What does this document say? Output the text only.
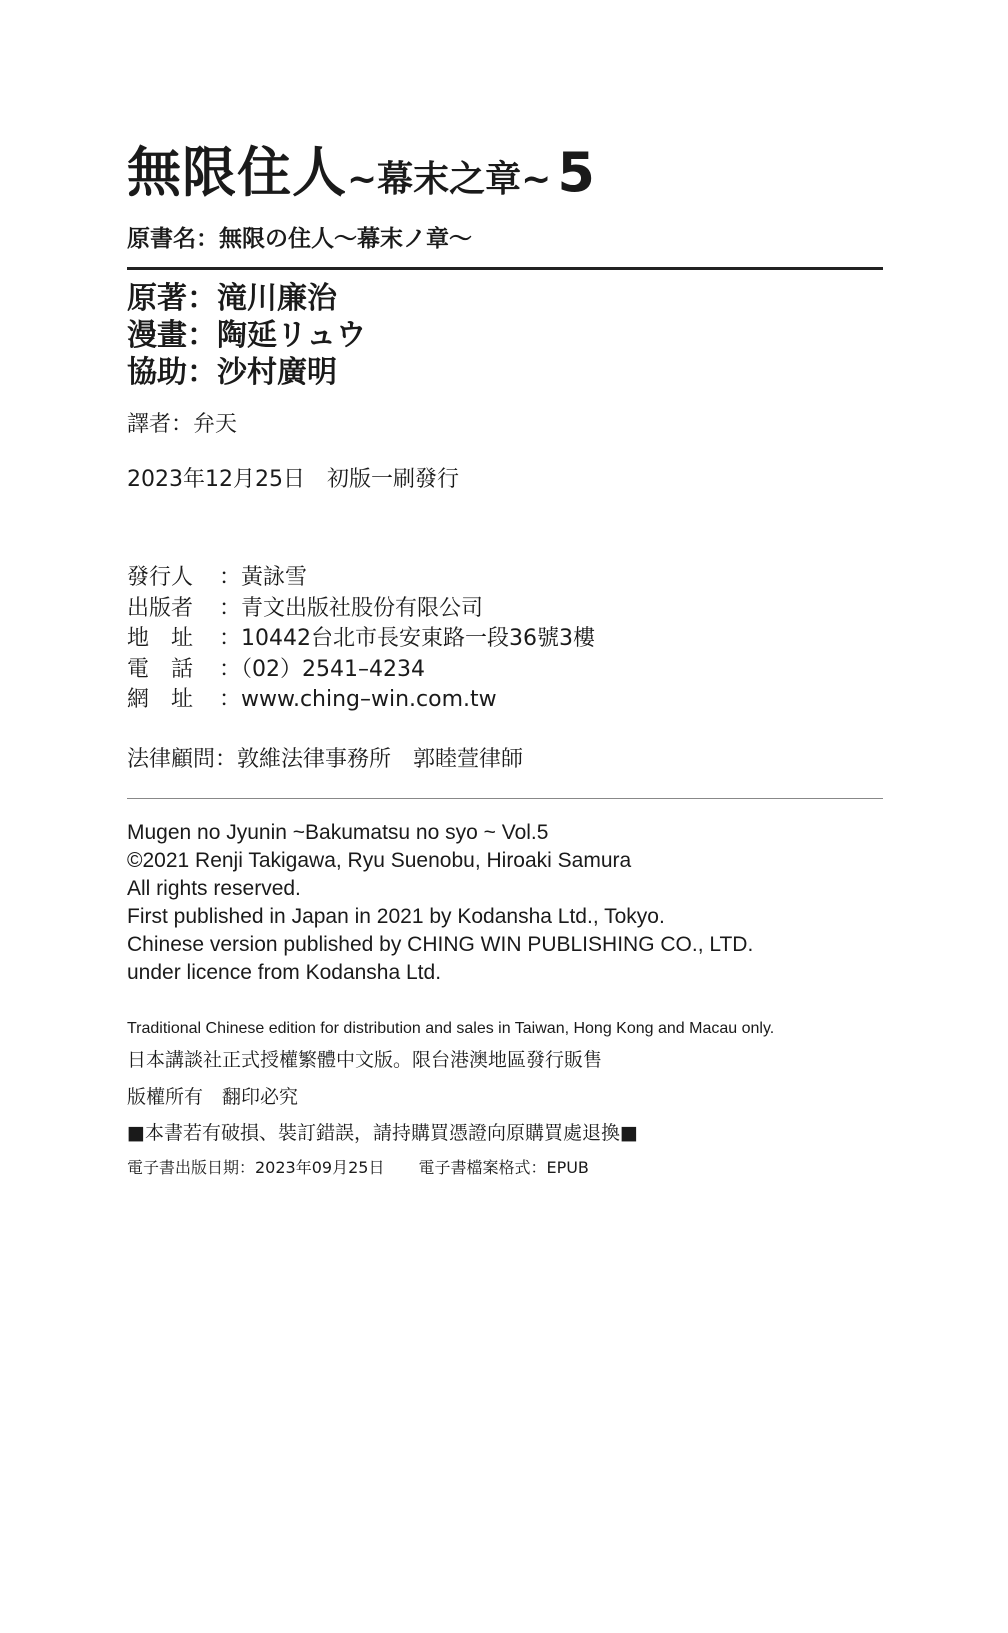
無限住人~幕末之章~ 5
原書名：無限の住人～幕末ノ章～
原著：滝川廉治
漫畫：陶延リュウ
協助：沙村廣明
譯者：弁天
2023年12月25日　初版一刷發行
發行人 ：黃詠雪
出版者 ：青文出版社股份有限公司
地　址 ：10442台北市長安東路一段36號3樓
電　話 ：（02）2541–4234
網　址 ：www.ching–win.com.tw
法律顧問：敦維法律事務所　郭睦萱律師
Mugen no Jyunin ~Bakumatsu no syo ~ Vol.5
©2021 Renji Takigawa, Ryu Suenobu, Hiroaki Samura
All rights reserved.
First published in Japan in 2021 by Kodansha Ltd., Tokyo.
Chinese version published by CHING WIN PUBLISHING CO., LTD.
under licence from Kodansha Ltd.
Traditional Chinese edition for distribution and sales in Taiwan, Hong Kong and Macau only.
日本講談社正式授權繁體中文版。限台港澳地區發行販售
版權所有　翻印必究
■本書若有破損、裝訂錯誤，請持購買憑證向原購買處退換■
電子書出版日期：2023年09月25日 電子書檔案格式：EPUB
